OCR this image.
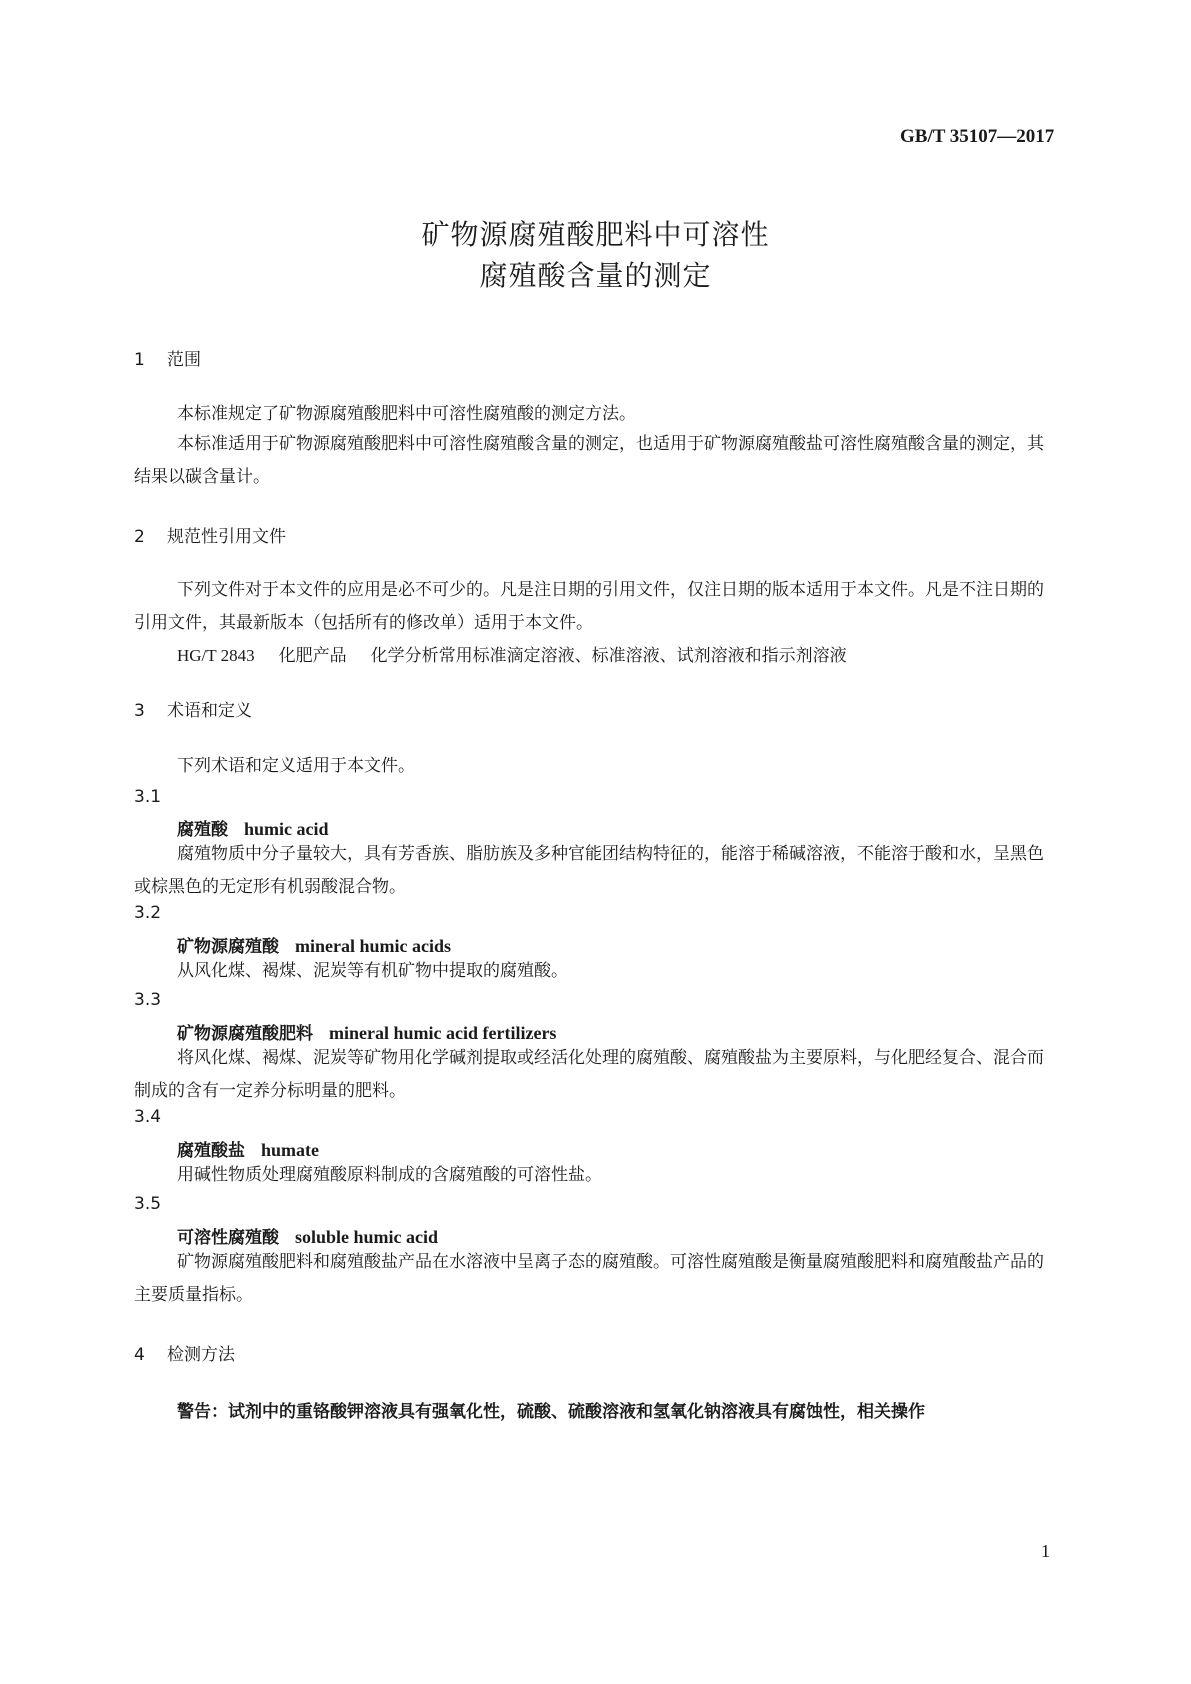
GB/T 35107—2017
矿物源腐殖酸肥料中可溶性
腐殖酸含量的测定
1 范围
本标准规定了矿物源腐殖酸肥料中可溶性腐殖酸的测定方法。
本标准适用于矿物源腐殖酸肥料中可溶性腐殖酸含量的测定，也适用于矿物源腐殖酸盐可溶性腐殖酸含量的测定，其结果以碳含量计。
2 规范性引用文件
下列文件对于本文件的应用是必不可少的。凡是注日期的引用文件，仅注日期的版本适用于本文件。凡是不注日期的引用文件，其最新版本（包括所有的修改单）适用于本文件。
HG/T 2843 化肥产品 化学分析常用标准滴定溶液、标准溶液、试剂溶液和指示剂溶液
3 术语和定义
下列术语和定义适用于本文件。
3.1
腐殖酸 humic acid
腐殖物质中分子量较大，具有芳香族、脂肪族及多种官能团结构特征的，能溶于稀碱溶液，不能溶于酸和水，呈黑色或棕黑色的无定形有机弱酸混合物。
3.2
矿物源腐殖酸 mineral humic acids
从风化煤、褐煤、泥炭等有机矿物中提取的腐殖酸。
3.3
矿物源腐殖酸肥料 mineral humic acid fertilizers
将风化煤、褐煤、泥炭等矿物用化学碱剂提取或经活化处理的腐殖酸、腐殖酸盐为主要原料，与化肥经复合、混合而制成的含有一定养分标明量的肥料。
3.4
腐殖酸盐 humate
用碱性物质处理腐殖酸原料制成的含腐殖酸的可溶性盐。
3.5
可溶性腐殖酸 soluble humic acid
矿物源腐殖酸肥料和腐殖酸盐产品在水溶液中呈离子态的腐殖酸。可溶性腐殖酸是衡量腐殖酸肥料和腐殖酸盐产品的主要质量指标。
4 检测方法
警告：试剂中的重铬酸钾溶液具有强氧化性，硫酸、硫酸溶液和氢氧化钠溶液具有腐蚀性，相关操作
1
